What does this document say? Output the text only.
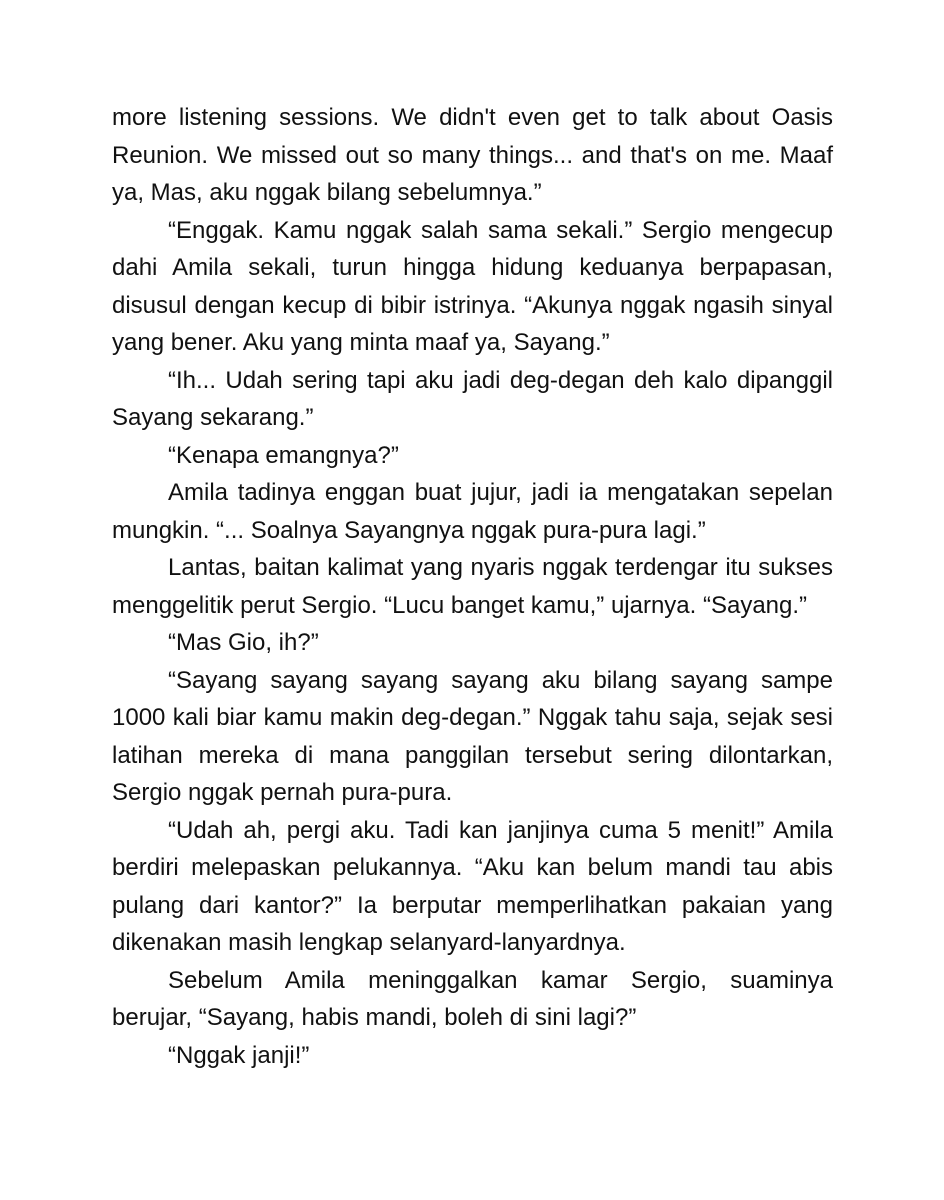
more listening sessions. We didn't even get to talk about Oasis Reunion. We missed out so many things... and that's on me. Maaf ya, Mas, aku nggak bilang sebelumnya.”

“Enggak. Kamu nggak salah sama sekali.” Sergio mengecup dahi Amila sekali, turun hingga hidung keduanya berpapasan, disusul dengan kecup di bibir istrinya. “Akunya nggak ngasih sinyal yang bener. Aku yang minta maaf ya, Sayang.”

“Ih... Udah sering tapi aku jadi deg-degan deh kalo dipanggil Sayang sekarang.”

“Kenapa emangnya?”

Amila tadinya enggan buat jujur, jadi ia mengatakan sepelan mungkin. “... Soalnya Sayangnya nggak pura-pura lagi.”

Lantas, baitan kalimat yang nyaris nggak terdengar itu sukses menggelitik perut Sergio. “Lucu banget kamu,” ujarnya. “Sayang.”

“Mas Gio, ih?”

“Sayang sayang sayang sayang aku bilang sayang sampe 1000 kali biar kamu makin deg-degan.” Nggak tahu saja, sejak sesi latihan mereka di mana panggilan tersebut sering dilontarkan, Sergio nggak pernah pura-pura.

“Udah ah, pergi aku. Tadi kan janjinya cuma 5 menit!” Amila berdiri melepaskan pelukannya. “Aku kan belum mandi tau abis pulang dari kantor?” Ia berputar memperlihatkan pakaian yang dikenakan masih lengkap selanyard-lanyardnya.

Sebelum Amila meninggalkan kamar Sergio, suaminya berujar, “Sayang, habis mandi, boleh di sini lagi?”

“Nggak janji!”
